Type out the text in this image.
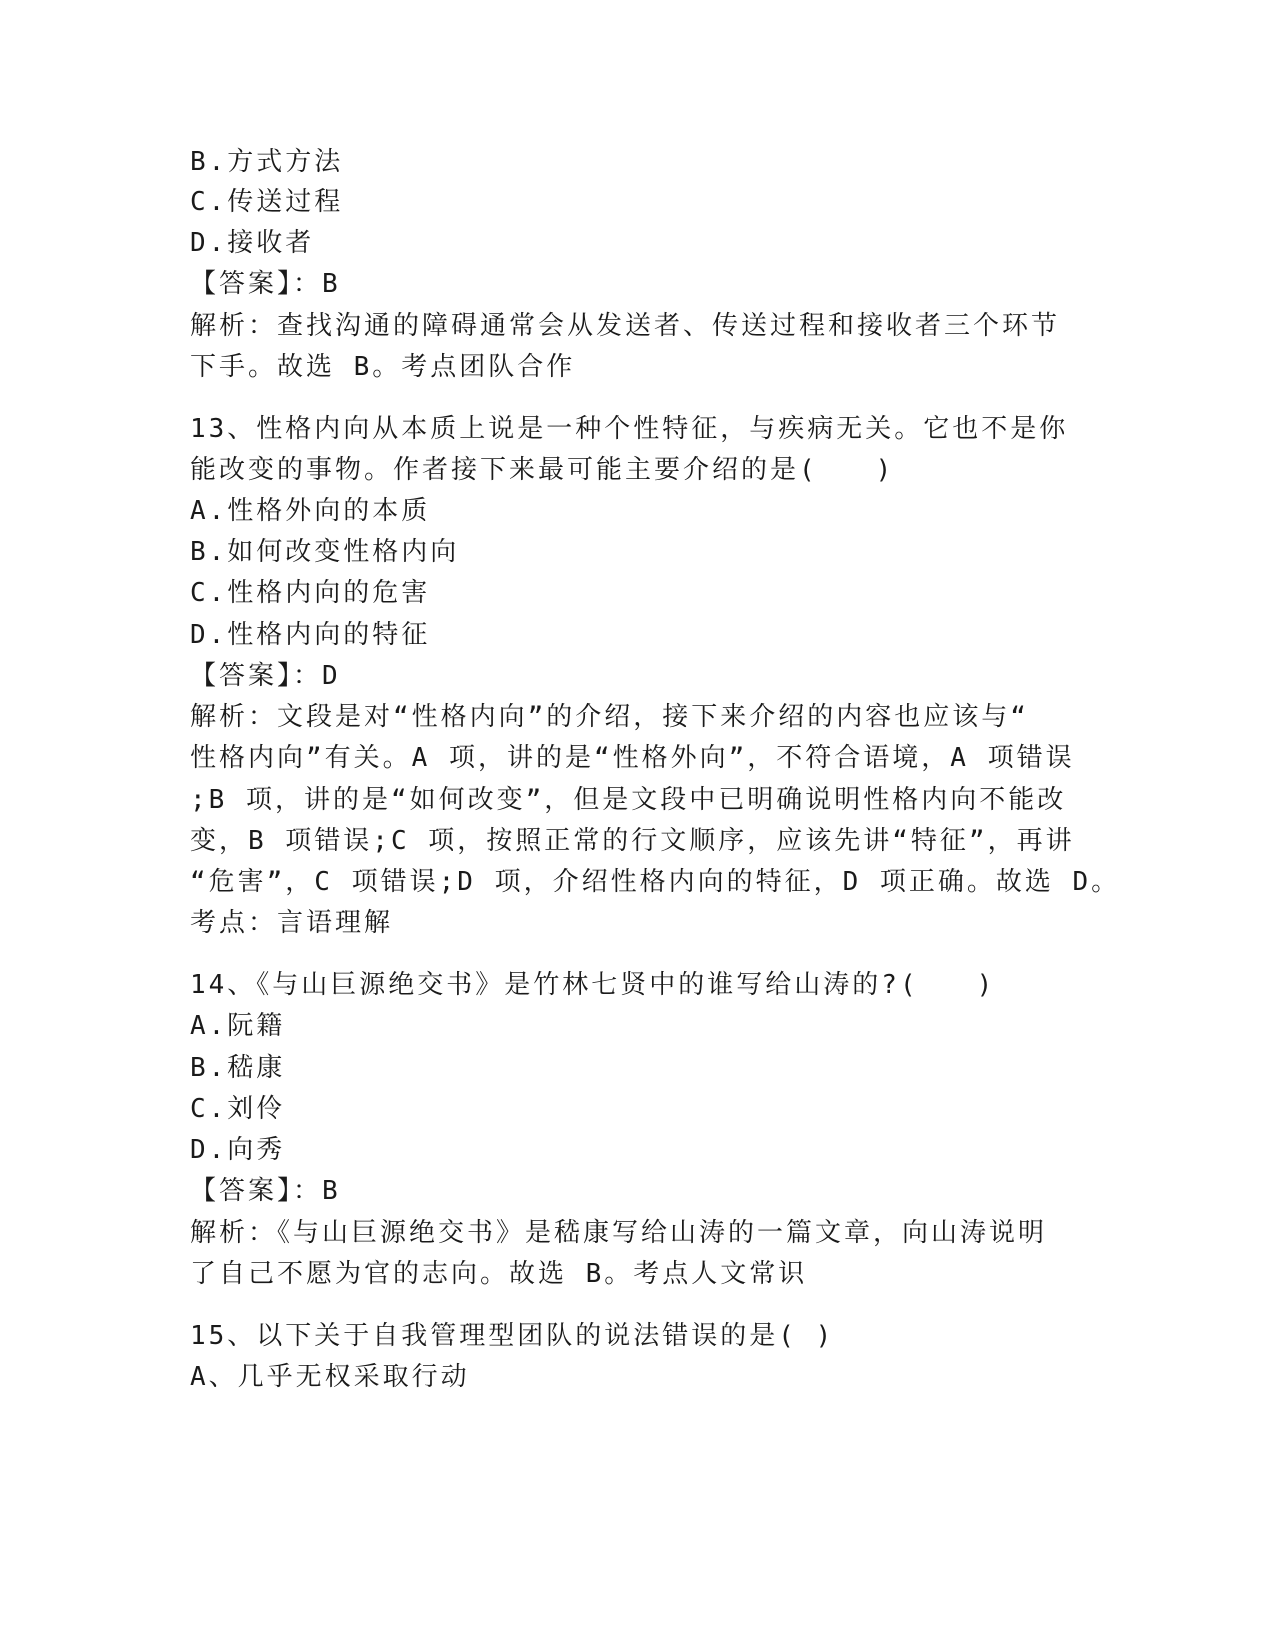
B.方式方法
C.传送过程
D.接收者
【答案】：B
解析：查找沟通的障碍通常会从发送者、传送过程和接收者三个环节
下手。故选 B。考点团队合作
13、性格内向从本质上说是一种个性特征，与疾病无关。它也不是你
能改变的事物。作者接下来最可能主要介绍的是(　　)
A.性格外向的本质
B.如何改变性格内向
C.性格内向的危害
D.性格内向的特征
【答案】：D
解析：文段是对“性格内向”的介绍，接下来介绍的内容也应该与“
性格内向”有关。A 项，讲的是“性格外向”，不符合语境，A 项错误
;B 项，讲的是“如何改变”，但是文段中已明确说明性格内向不能改
变，B 项错误;C 项，按照正常的行文顺序，应该先讲“特征”，再讲
“危害”，C 项错误;D 项，介绍性格内向的特征，D 项正确。故选 D。
考点：言语理解
14、《与山巨源绝交书》是竹林七贤中的谁写给山涛的?(　　)
A.阮籍
B.嵇康
C.刘伶
D.向秀
【答案】：B
解析：《与山巨源绝交书》是嵇康写给山涛的一篇文章，向山涛说明
了自己不愿为官的志向。故选 B。考点人文常识
15、以下关于自我管理型团队的说法错误的是( )
A、几乎无权采取行动
